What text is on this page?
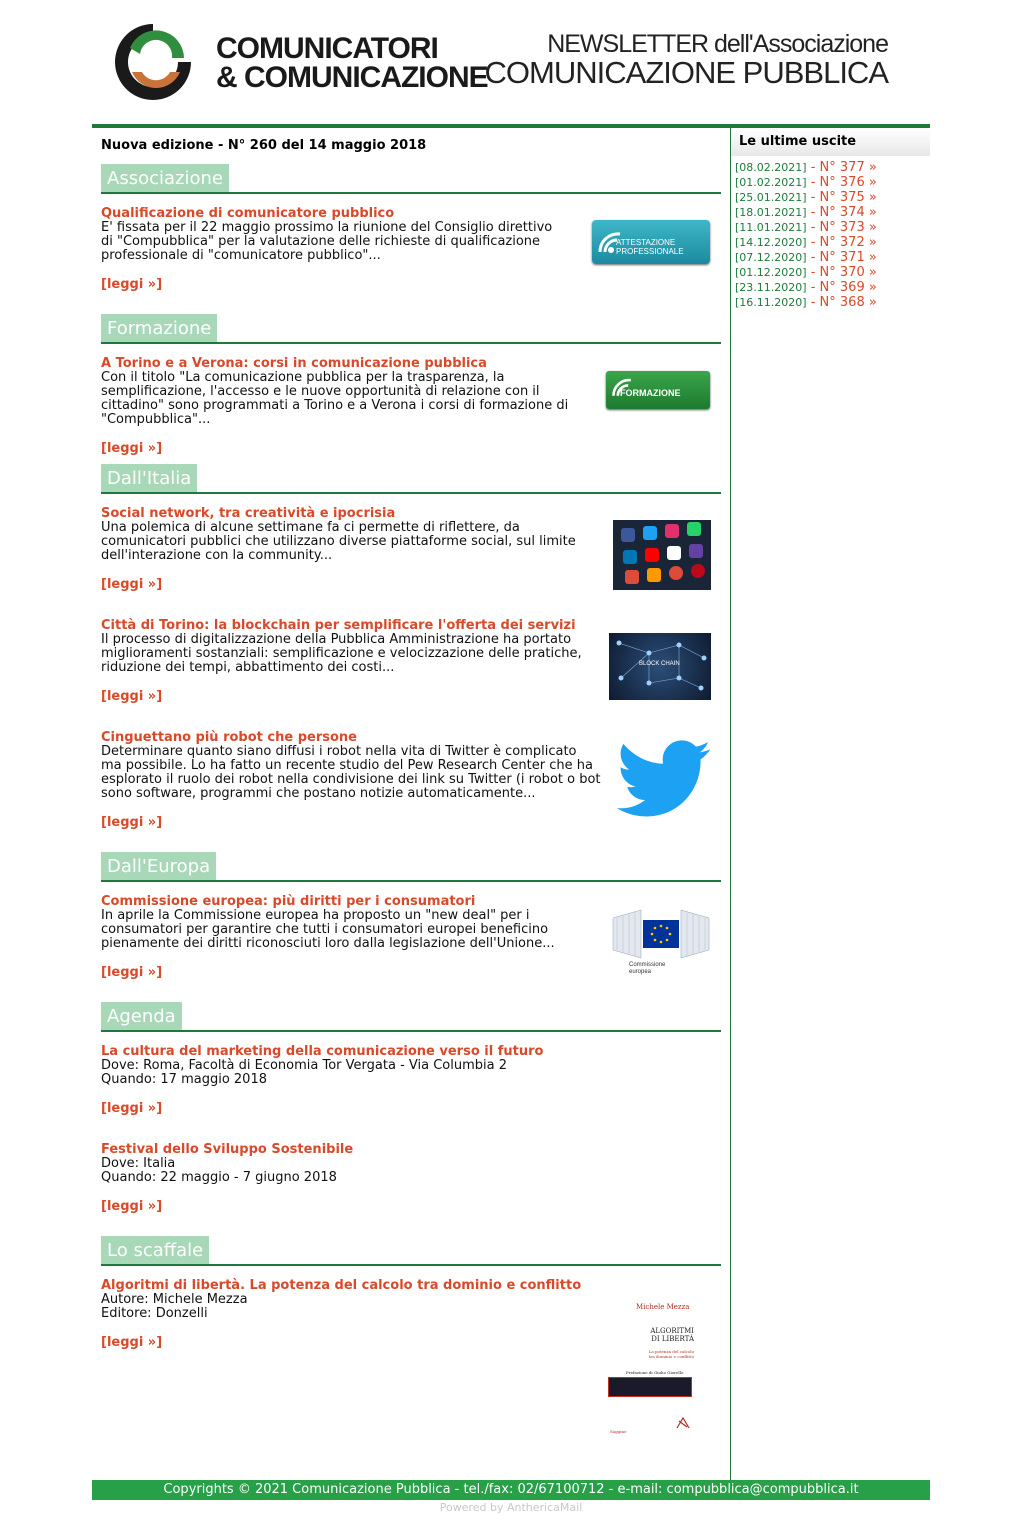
COMUNICATORI
& COMUNICAZIONE
NEWSLETTER dell'Associazione
COMUNICAZIONE PUBBLICA
Nuova edizione - N° 260 del 14 maggio 2018
Associazione
Qualificazione di comunicatore pubblico
E' fissata per il 22 maggio prossimo la riunione del Consiglio direttivo di "Compubblica" per la valutazione delle richieste di qualificazione professionale di "comunicatore pubblico"...
[leggi »]
ATTESTAZIONE PROFESSIONALE
Formazione
A Torino e a Verona: corsi in comunicazione pubblica
Con il titolo "La comunicazione pubblica per la trasparenza, la semplificazione, l'accesso e le nuove opportunità di relazione con il cittadino" sono programmati a Torino e a Verona i corsi di formazione di "Compubblica"...
[leggi »]
FORMAZIONE
Dall'Italia
Social network, tra creatività e ipocrisia
Una polemica di alcune settimane fa ci permette di riflettere, da comunicatori pubblici che utilizzano diverse piattaforme social, sul limite dell'interazione con la community...
[leggi »]
Città di Torino: la blockchain per semplificare l'offerta dei servizi
Il processo di digitalizzazione della Pubblica Amministrazione ha portato miglioramenti sostanziali: semplificazione e velocizzazione delle pratiche, riduzione dei tempi, abbattimento dei costi...
[leggi »]
BLOCK CHAIN
Cinguettano più robot che persone
Determinare quanto siano diffusi i robot nella vita di Twitter è complicato ma possibile. Lo ha fatto un recente studio del Pew Research Center che ha esplorato il ruolo dei robot nella condivisione dei link su Twitter (i robot o bot sono software, programmi che postano notizie automaticamente...
[leggi »]
Dall'Europa
Commissione europea: più diritti per i consumatori
In aprile la Commissione europea ha proposto un "new deal" per i consumatori per garantire che tutti i consumatori europei beneficino pienamente dei diritti riconosciuti loro dalla legislazione dell'Unione...
[leggi »]	Commissione
europea
Agenda
La cultura del marketing della comunicazione verso il futuro
Dove: Roma, Facoltà di Economia Tor Vergata - Via Columbia 2
Quando: 17 maggio 2018
[leggi »]
Festival dello Sviluppo Sostenibile
Dove: Italia
Quando: 22 maggio - 7 giugno 2018
[leggi »]
Lo scaffale
Algoritmi di libertà. La potenza del calcolo tra dominio e conflitto
Autore: Michele Mezza
Editore: Donzelli
[leggi »]
Michele Mezza
ALGORITMI
DI LIBERTÀ
La potenza del calcolo
tra dominio e conflitto
Prefazione di Giulio Giorello
Saggine
Le ultime uscite
[08.02.2021] - N° 377 »
[01.02.2021] - N° 376 »
[25.01.2021] - N° 375 »
[18.01.2021] - N° 374 »
[11.01.2021] - N° 373 »
[14.12.2020] - N° 372 »
[07.12.2020] - N° 371 »
[01.12.2020] - N° 370 »
[23.11.2020] - N° 369 »
[16.11.2020] - N° 368 »
Copyrights © 2021 Comunicazione Pubblica - tel./fax: 02/67100712 - e-mail: compubblica@compubblica.it
Powered by AnthericaMail
